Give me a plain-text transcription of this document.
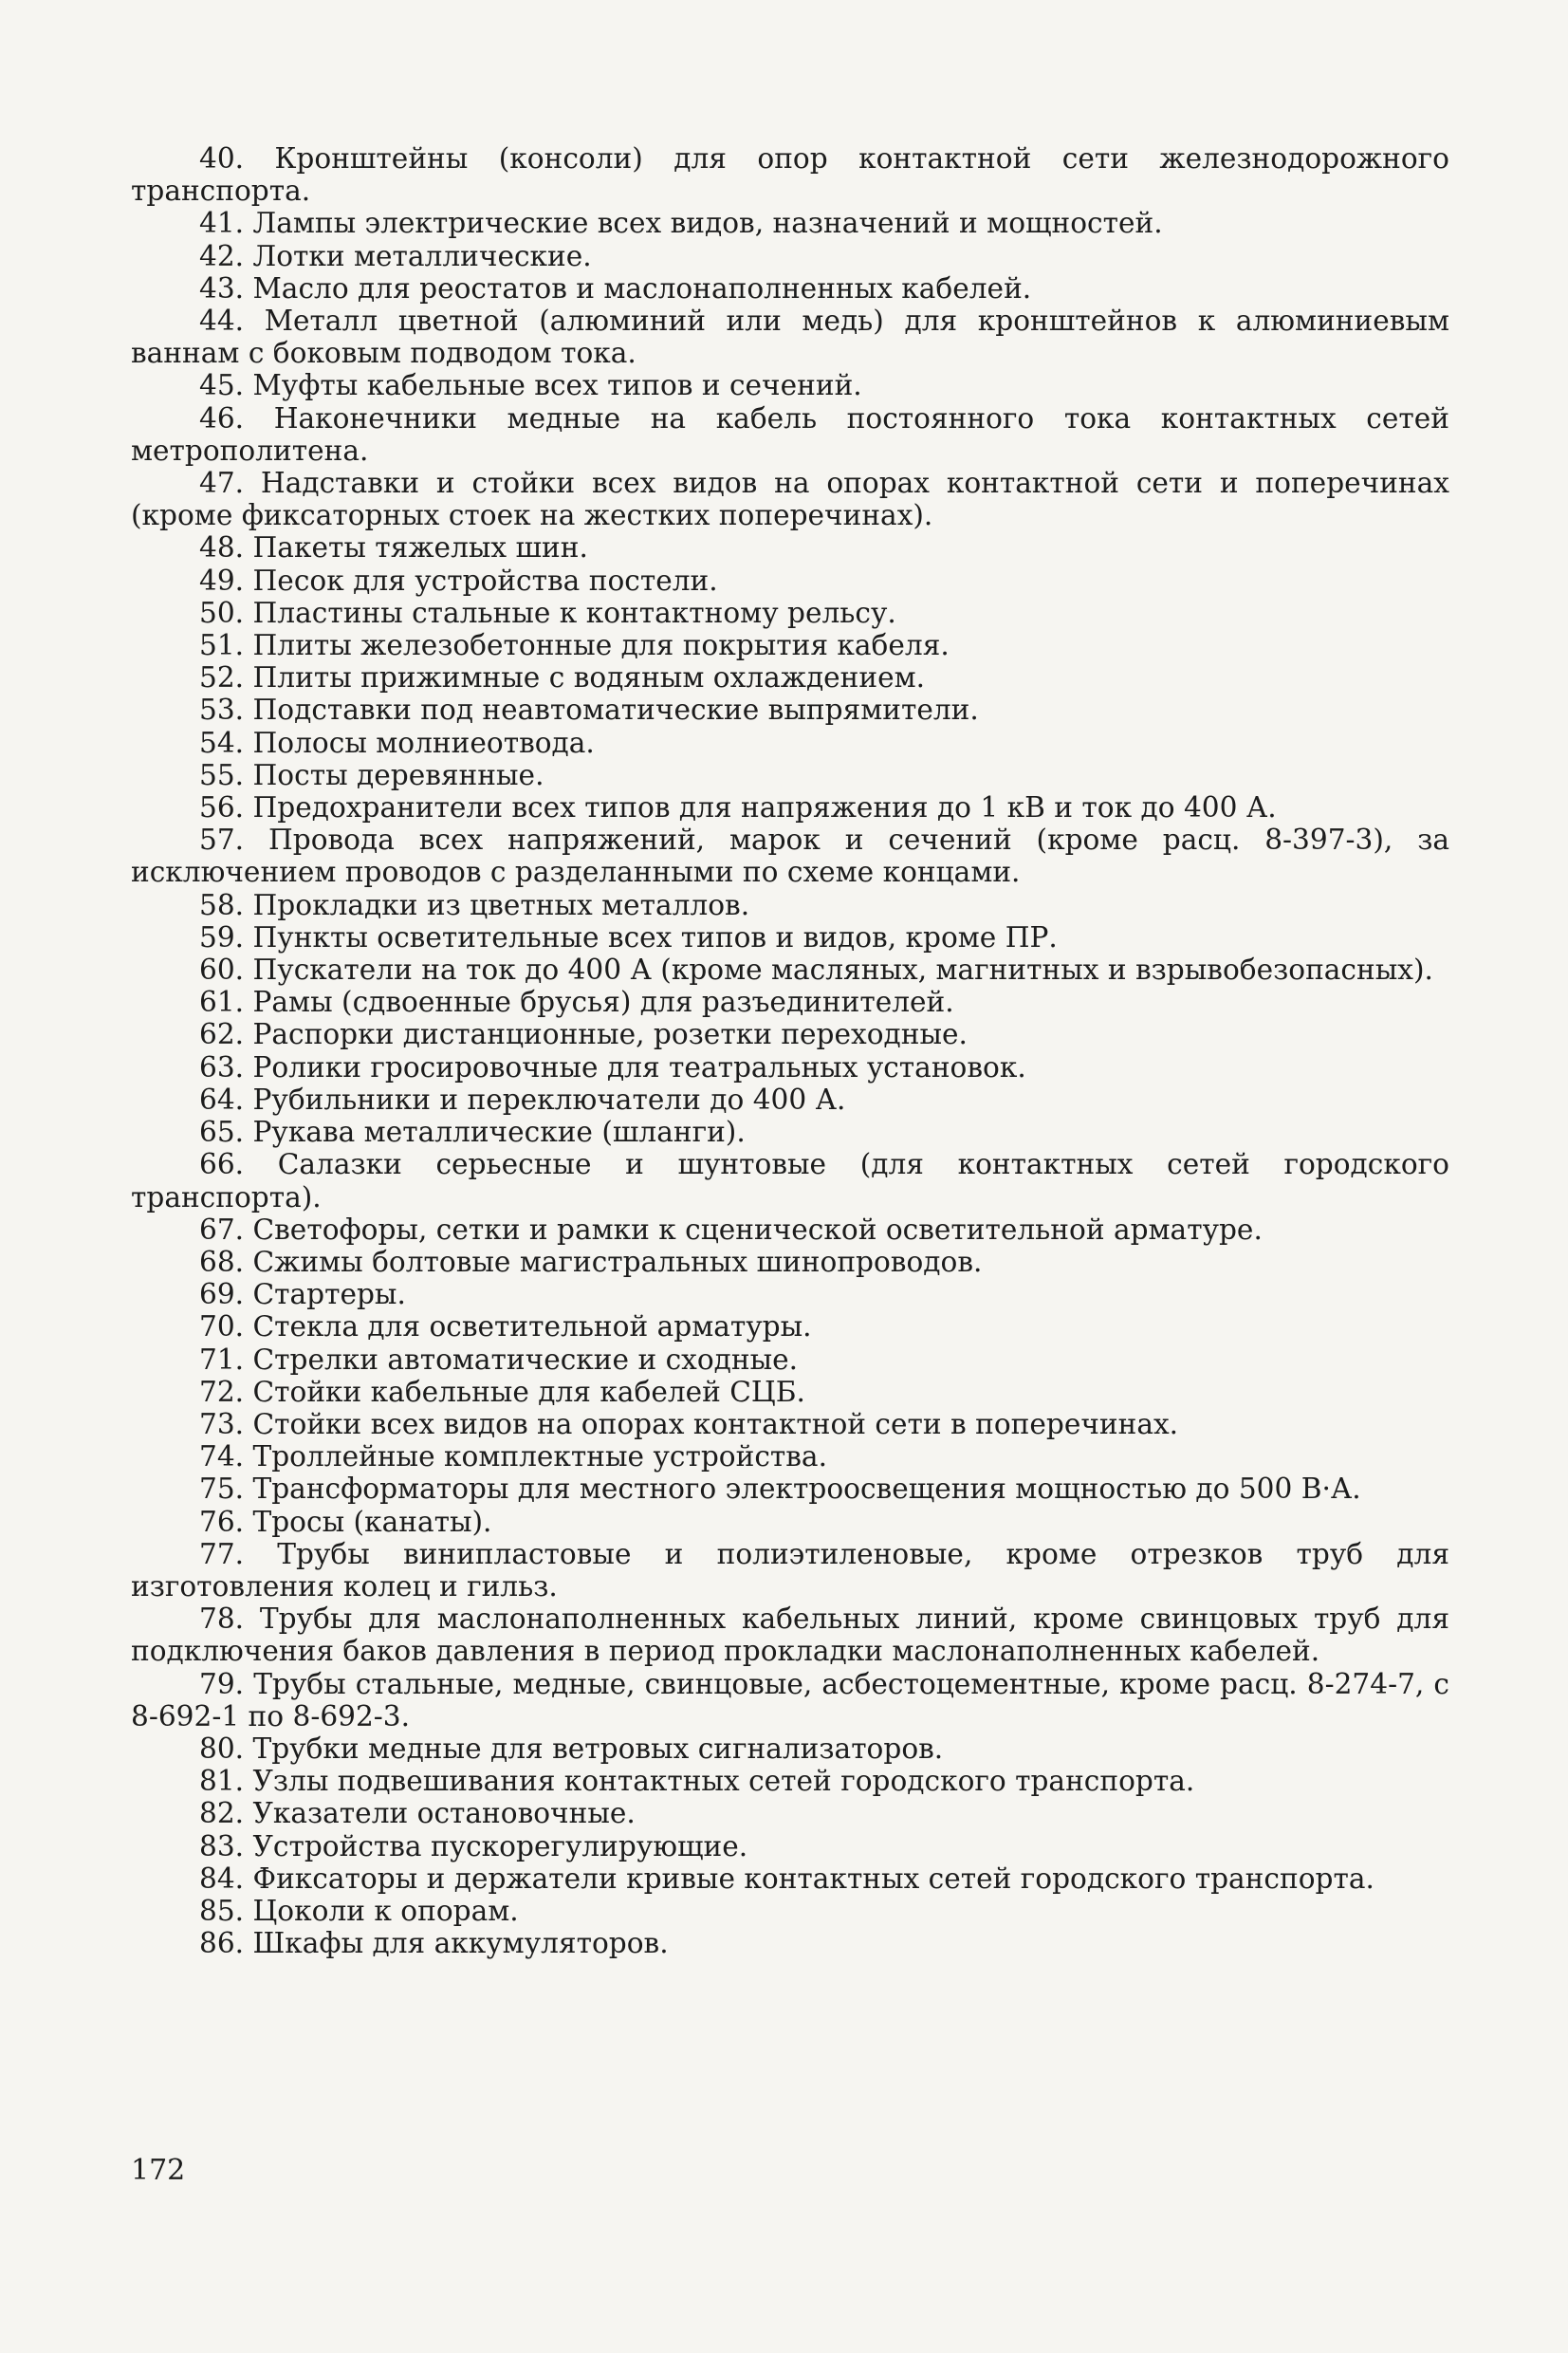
40. Кронштейны (консоли) для опор контактной сети железнодорожного транспорта.

41. Лампы электрические всех видов, назначений и мощностей.

42. Лотки металлические.

43. Масло для реостатов и маслонаполненных кабелей.

44. Металл цветной (алюминий или медь) для кронштейнов к алюминиевым ваннам с боковым подводом тока.

45. Муфты кабельные всех типов и сечений.

46. Наконечники медные на кабель постоянного тока контактных сетей метрополитена.

47. Надставки и стойки всех видов на опорах контактной сети и поперечинах (кроме фиксаторных стоек на жестких поперечинах).

48. Пакеты тяжелых шин.

49. Песок для устройства постели.

50. Пластины стальные к контактному рельсу.

51. Плиты железобетонные для покрытия кабеля.

52. Плиты прижимные с водяным охлаждением.

53. Подставки под неавтоматические выпрямители.

54. Полосы молниеотвода.

55. Посты деревянные.

56. Предохранители всех типов для напряжения до 1 кВ и ток до 400 А.

57. Провода всех напряжений, марок и сечений (кроме расц. 8-397-3), за исключением проводов с разделанными по схеме концами.

58. Прокладки из цветных металлов.

59. Пункты осветительные всех типов и видов, кроме ПР.

60. Пускатели на ток до 400 А (кроме масляных, магнитных и взрывобезопасных).

61. Рамы (сдвоенные брусья) для разъединителей.

62. Распорки дистанционные, розетки переходные.

63. Ролики гросировочные для театральных установок.

64. Рубильники и переключатели до 400 А.

65. Рукава металлические (шланги).

66. Салазки серьесные и шунтовые (для контактных сетей городского транспорта).

67. Светофоры, сетки и рамки к сценической осветительной арматуре.

68. Сжимы болтовые магистральных шинопроводов.

69. Стартеры.

70. Стекла для осветительной арматуры.

71. Стрелки автоматические и сходные.

72. Стойки кабельные для кабелей СЦБ.

73. Стойки всех видов на опорах контактной сети в поперечинах.

74. Троллейные комплектные устройства.

75. Трансформаторы для местного электроосвещения мощностью до 500 В·А.

76. Тросы (канаты).

77. Трубы винипластовые и полиэтиленовые, кроме отрезков труб для изготовления колец и гильз.

78. Трубы для маслонаполненных кабельных линий, кроме свинцовых труб для подключения баков давления в период прокладки маслонаполненных кабелей.

79. Трубы стальные, медные, свинцовые, асбестоцементные, кроме расц. 8-274-7, с 8-692-1 по 8-692-3.

80. Трубки медные для ветровых сигнализаторов.

81. Узлы подвешивания контактных сетей городского транспорта.

82. Указатели остановочные.

83. Устройства пускорегулирующие.

84. Фиксаторы и держатели кривые контактных сетей городского транспорта.

85. Цоколи к опорам.

86. Шкафы для аккумуляторов.

172
